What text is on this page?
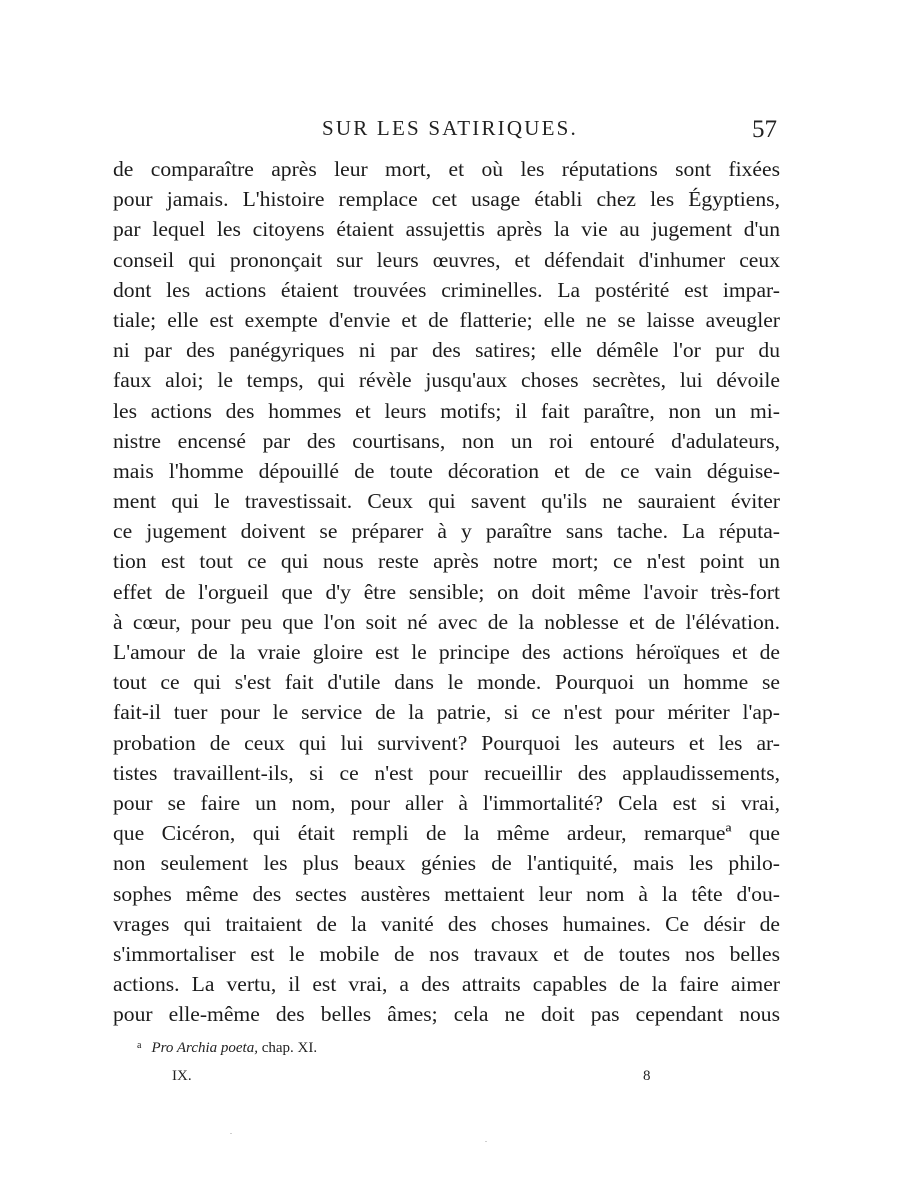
SUR LES SATIRIQUES.	57
de comparaître après leur mort, et où les réputations sont fixées
pour jamais. L'histoire remplace cet usage établi chez les Égyptiens,
par lequel les citoyens étaient assujettis après la vie au jugement d'un
conseil qui prononçait sur leurs œuvres, et défendait d'inhumer ceux
dont les actions étaient trouvées criminelles. La postérité est impar-
tiale; elle est exempte d'envie et de flatterie; elle ne se laisse aveugler
ni par des panégyriques ni par des satires; elle démêle l'or pur du
faux aloi; le temps, qui révèle jusqu'aux choses secrètes, lui dévoile
les actions des hommes et leurs motifs; il fait paraître, non un mi-
nistre encensé par des courtisans, non un roi entouré d'adulateurs,
mais l'homme dépouillé de toute décoration et de ce vain déguise-
ment qui le travestissait. Ceux qui savent qu'ils ne sauraient éviter
ce jugement doivent se préparer à y paraître sans tache. La réputa-
tion est tout ce qui nous reste après notre mort; ce n'est point un
effet de l'orgueil que d'y être sensible; on doit même l'avoir très-fort
à cœur, pour peu que l'on soit né avec de la noblesse et de l'élévation.
L'amour de la vraie gloire est le principe des actions héroïques et de
tout ce qui s'est fait d'utile dans le monde. Pourquoi un homme se
fait-il tuer pour le service de la patrie, si ce n'est pour mériter l'ap-
probation de ceux qui lui survivent? Pourquoi les auteurs et les ar-
tistes travaillent-ils, si ce n'est pour recueillir des applaudissements,
pour se faire un nom, pour aller à l'immortalité? Cela est si vrai,
que Cicéron, qui était rempli de la même ardeur, remarqueª que
non seulement les plus beaux génies de l'antiquité, mais les philo-
sophes même des sectes austères mettaient leur nom à la tête d'ou-
vrages qui traitaient de la vanité des choses humaines. Ce désir de
s'immortaliser est le mobile de nos travaux et de toutes nos belles
actions. La vertu, il est vrai, a des attraits capables de la faire aimer
pour elle-même des belles âmes; cela ne doit pas cependant nous
$^a$ Pro Archia poeta, chap. XI.
IX.	8
